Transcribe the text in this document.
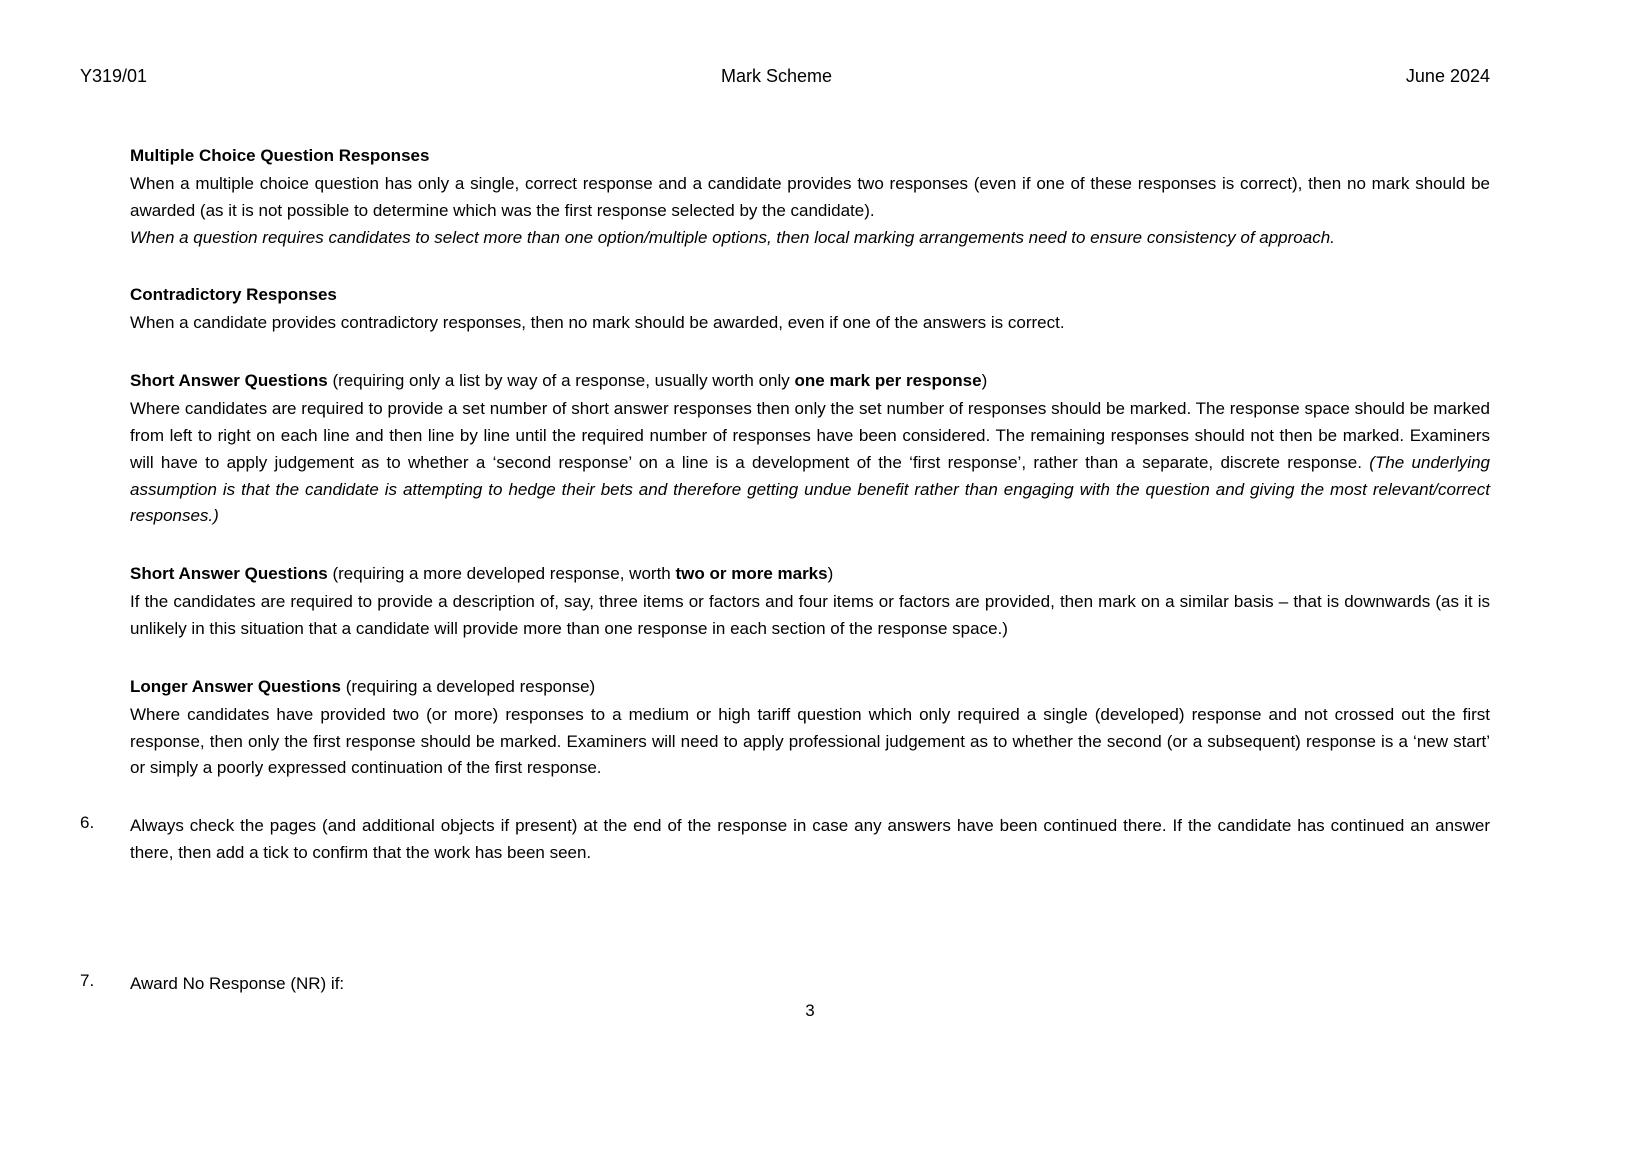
Y319/01	Mark Scheme	June 2024

Multiple Choice Question Responses

When a multiple choice question has only a single, correct response and a candidate provides two responses (even if one of these responses is correct), then no mark should be awarded (as it is not possible to determine which was the first response selected by the candidate).

When a question requires candidates to select more than one option/multiple options, then local marking arrangements need to ensure consistency of approach.

Contradictory Responses

When a candidate provides contradictory responses, then no mark should be awarded, even if one of the answers is correct.

Short Answer Questions (requiring only a list by way of a response, usually worth only one mark per response)

Where candidates are required to provide a set number of short answer responses then only the set number of responses should be marked. The response space should be marked from left to right on each line and then line by line until the required number of responses have been considered. The remaining responses should not then be marked. Examiners will have to apply judgement as to whether a ‘second response’ on a line is a development of the ‘first response’, rather than a separate, discrete response. (The underlying assumption is that the candidate is attempting to hedge their bets and therefore getting undue benefit rather than engaging with the question and giving the most relevant/correct responses.)

Short Answer Questions (requiring a more developed response, worth two or more marks)

If the candidates are required to provide a description of, say, three items or factors and four items or factors are provided, then mark on a similar basis – that is downwards (as it is unlikely in this situation that a candidate will provide more than one response in each section of the response space.)

Longer Answer Questions (requiring a developed response)

Where candidates have provided two (or more) responses to a medium or high tariff question which only required a single (developed) response and not crossed out the first response, then only the first response should be marked. Examiners will need to apply professional judgement as to whether the second (or a subsequent) response is a ‘new start’ or simply a poorly expressed continuation of the first response.

6.	Always check the pages (and additional objects if present) at the end of the response in case any answers have been continued there. If the candidate has continued an answer there, then add a tick to confirm that the work has been seen.
7.	Award No Response (NR) if:
3
